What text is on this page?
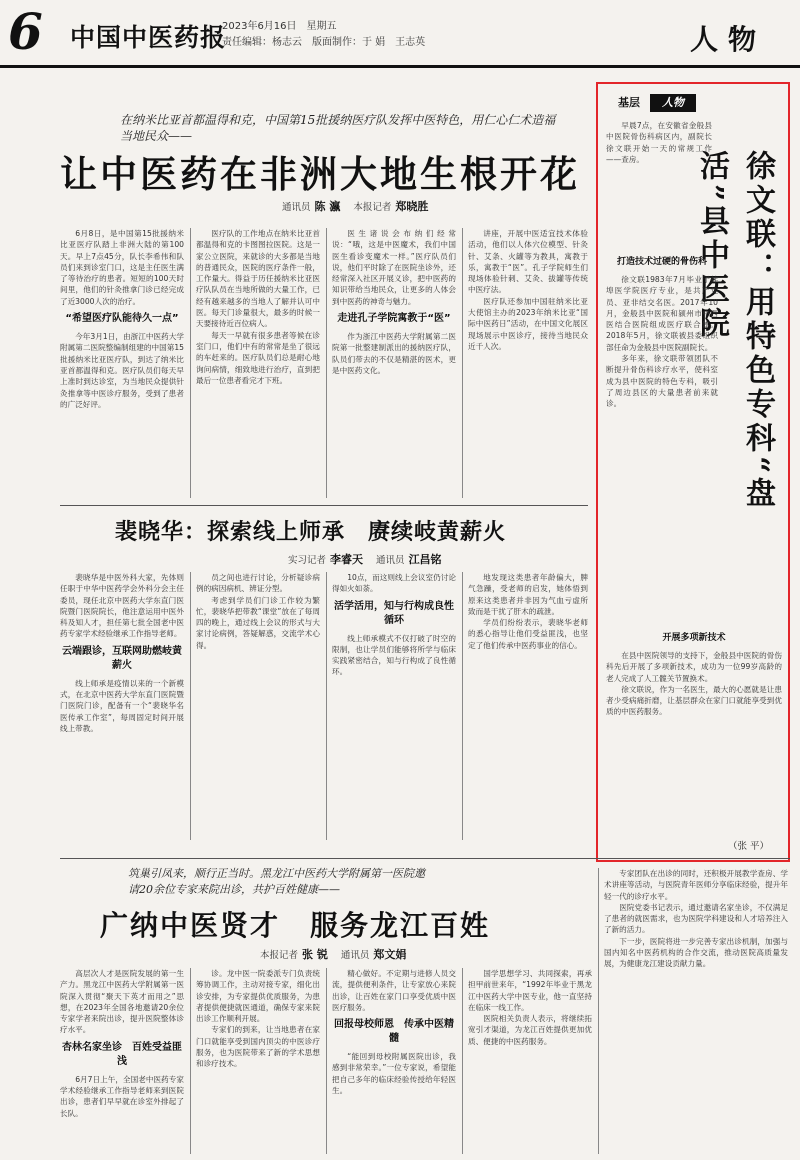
6 中国中医药报
2023年6月16日　星期五
责任编辑：杨志云　版面制作：于 娟　王志英	人物
在纳米比亚首都温得和克，中国第15批援纳医疗队发挥中医特色，用仁心仁术造福当地民众——
让中医药在非洲大地生根开花
通讯员 陈 瀛 本报记者 郑晓胜

6月8日，是中国第15批援纳米比亚医疗队踏上非洲大陆的第100天。早上7点45分，队长李希伟和队员们来到诊室门口，这是主任医生满了等待治疗的患者。短短的100天时间里，他们的针灸推拿门诊已经完成了近3000人次的治疗。

“希望医疗队能待久一点”

今年3月1日，由浙江中医药大学附属第二医院整编制组建的中国第15批援纳米比亚医疗队，到达了纳米比亚首都温得和克。医疗队员们每天早上准时到达诊室，为当地民众提供针灸推拿等中医诊疗服务，受到了患者的广泛好评。

医疗队的工作地点在纳米比亚首都温得和克的卡图图拉医院。这是一家公立医院，来就诊的大多都是当地的普通民众，医院的医疗条件一般，工作量大。得益于历任援纳米比亚医疗队队员在当地所做的大量工作，已经有越来越多的当地人了解并认可中医。每天门诊量很大，最多的时候一天要接待近百位病人。

每天一早就有很多患者等候在诊室门口，他们中有的常常是坐了很远的车赶来的。医疗队员们总是耐心地询问病情，细致地进行治疗，直到把最后一位患者看完才下班。

医生诸说会布纳们经常说：“哦，这是中医魔术，我们中国医生看诊变魔术一样。”医疗队员们说，他们平时除了在医院坐诊外，还经常深入社区开展义诊，把中医药的知识带给当地民众，让更多的人体会到中医药的神奇与魅力。

走进孔子学院寓教于“医”

作为浙江中医药大学附属第二医院第一批整建制派出的援纳医疗队，队员们带去的不仅是精湛的医术，更是中医药文化。

讲座，开展中医适宜技术体验活动，他们以人体穴位模型、针灸针、艾条、火罐等为教具，寓教于乐，寓教于“医”。孔子学院师生们现场体验针刺、艾灸、拔罐等传统中医疗法。

医疗队还参加中国驻纳米比亚大使馆主办的2023年纳米比亚“国际中医药日”活动，在中国文化展区现场展示中医诊疗，接待当地民众近千人次。

裴晓华：探索线上师承　赓续岐黄薪火
实习记者 李睿天 通讯员 江昌铭

裴晓华是中医外科大家，先体则任职于中华中医药学会外科分会主任委员，现任北京中医药大学东直门医院暨门医院院长，他注意运用中医外科及知人才，担任第七批全国老中医药专家学术经验继承工作指导老师。

云端跟诊，互联网助燃岐黄薪火

线上师承是疫情以来的一个新模式，在北京中医药大学东直门医院暨门医院门诊，配备有一个“裴晓华名医传承工作室”，每周固定时间开展线上带教。

员之间也进行讨论，分析疑诊病例的病因病机、辨证分型。

考虑到学员们门诊工作较为繁忙，裴晓华把带教“课堂”放在了每周四的晚上，通过线上会议的形式与大家讨论病例，答疑解惑，交流学术心得。

10点，而这则线上会议室仍讨论得如火如荼。

活学活用，知与行构成良性循环

线上师承模式不仅打破了时空的限制，也让学员们能够将所学与临床实践紧密结合，知与行构成了良性循环。

地发现这类患者年龄偏大，脾气急躁，受老师的启发，她体悟到原来这类患者并非因为气血亏虚所致而是干扰了肝木的疏泄。

学员们纷纷表示，裴晓华老师的悉心指导让他们受益匪浅，也坚定了他们传承中医药事业的信心。

基层	人物

早晨7点，在安徽省金般县中医院骨伤科病区内，副院长徐文联开始一天的常规工作——查房。	徐文联：用特色专科“盘活”县中医院
打造技术过硬的骨伤科

徐文联1983年7月毕业于蚌埠医学院医疗专业，是共产党员、亚非结交名医。2017年10月，金般县中医院和颍州市中西医结合医院组成医疗联合体。2018年5月，徐文联被县委组织部任命为金般县中医院副院长。

多年来，徐文联带领团队不断提升骨伤科诊疗水平，使科室成为县中医院的特色专科，吸引了周边县区的大量患者前来就诊。

开展多项新技术

在县中医院领导的支持下，金般县中医院的骨伤科先后开展了多项新技术，成功为一位99岁高龄的老人完成了人工髋关节置换术。

徐文联说，作为一名医生，最大的心愿就是让患者少受病痛折磨，让基层群众在家门口就能享受到优质的中医药服务。

（张 平）
筑巢引凤来，顺行正当时。黑龙江中医药大学附属第一医院邀请20余位专家来院出诊，共护百姓健康——
广纳中医贤才　服务龙江百姓
本报记者 张 锐 通讯员 郑文娟

高层次人才是医院发展的第一生产力。黑龙江中医药大学附属第一医院深入贯彻“聚天下英才而用之”思想，在2023年全国各地邀请20余位专家学者来院出诊，提升医院整体诊疗水平。

杏林名家坐诊　百姓受益匪浅

6月7日上午，全国老中医药专家学术经验继承工作指导老师来到医院出诊，患者们早早就在诊室外排起了长队。

诊。龙中医一院委派专门负责统筹协调工作，主动对接专家，细化出诊安排，为专家提供优质服务，为患者提供便捷就医通道，确保专家来院出诊工作顺利开展。

专家们的到来，让当地患者在家门口就能享受到国内顶尖的中医诊疗服务，也为医院带来了新的学术思想和诊疗技术。

精心做好。不定期与进修人员交流，提供便利条件，让专家放心来院出诊，让百姓在家门口享受优质中医医疗服务。

回报母校师恩　传承中医精髓

“能回到母校附属医院出诊，我感到非常荣幸。”一位专家说，希望能把自己多年的临床经验传授给年轻医生。

国学思想学习、共同探索，再承担甲前世来年，“1992年毕业于黑龙江中医药大学中医专业，他一直坚持在临床一线工作。

医院相关负责人表示，将继续拓宽引才渠道，为龙江百姓提供更加优质、便捷的中医药服务。

专家团队在出诊的同时，还积极开展教学查房、学术讲座等活动，与医院青年医师分享临床经验，提升年轻一代的诊疗水平。

医院党委书记表示，通过邀请名家坐诊，不仅满足了患者的就医需求，也为医院学科建设和人才培养注入了新的活力。

下一步，医院将进一步完善专家出诊机制，加强与国内知名中医药机构的合作交流，推动医院高质量发展，为健康龙江建设贡献力量。
